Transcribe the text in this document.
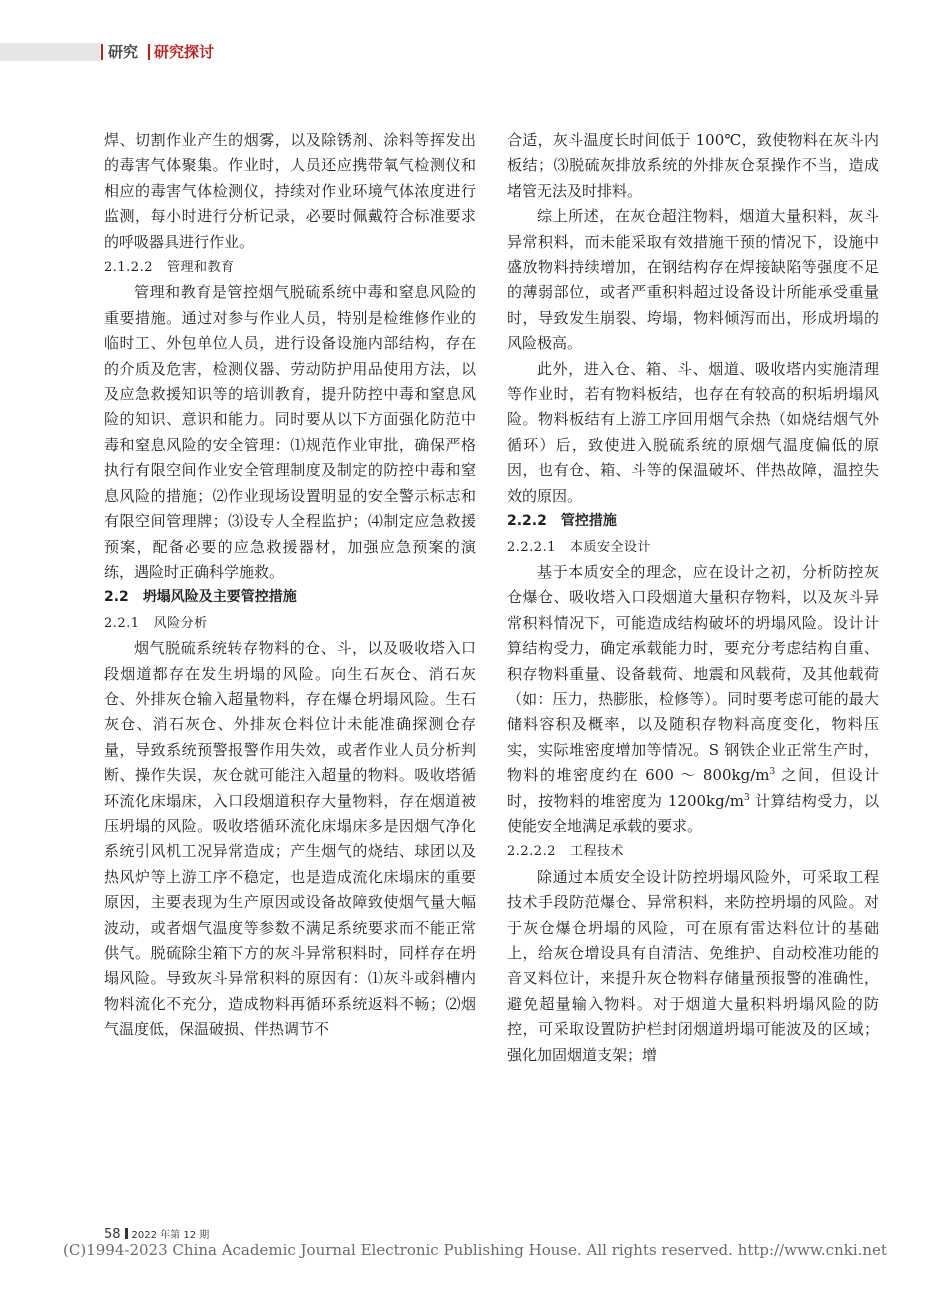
研究 研究探讨

焊、切割作业产生的烟雾，以及除锈剂、涂料等挥发出的毒害气体聚集。作业时，人员还应携带氧气检测仪和相应的毒害气体检测仪，持续对作业环境气体浓度进行监测，每小时进行分析记录，必要时佩戴符合标准要求的呼吸器具进行作业。

2.1.2.2 管理和教育

管理和教育是管控烟气脱硫系统中毒和窒息风险的重要措施。通过对参与作业人员，特别是检维修作业的临时工、外包单位人员，进行设备设施内部结构，存在的介质及危害，检测仪器、劳动防护用品使用方法，以及应急救援知识等的培训教育，提升防控中毒和窒息风险的知识、意识和能力。同时要从以下方面强化防范中毒和窒息风险的安全管理：⑴规范作业审批，确保严格执行有限空间作业安全管理制度及制定的防控中毒和窒息风险的措施；⑵作业现场设置明显的安全警示标志和有限空间管理牌；⑶设专人全程监护；⑷制定应急救援预案，配备必要的应急救援器材，加强应急预案的演练，遇险时正确科学施救。

2.2 坍塌风险及主要管控措施

2.2.1 风险分析

烟气脱硫系统转存物料的仓、斗，以及吸收塔入口段烟道都存在发生坍塌的风险。向生石灰仓、消石灰仓、外排灰仓输入超量物料，存在爆仓坍塌风险。生石灰仓、消石灰仓、外排灰仓料位计未能准确探测仓存量，导致系统预警报警作用失效，或者作业人员分析判断、操作失误，灰仓就可能注入超量的物料。吸收塔循环流化床塌床，入口段烟道积存大量物料，存在烟道被压坍塌的风险。吸收塔循环流化床塌床多是因烟气净化系统引风机工况异常造成；产生烟气的烧结、球团以及热风炉等上游工序不稳定，也是造成流化床塌床的重要原因，主要表现为生产原因或设备故障致使烟气量大幅波动，或者烟气温度等参数不满足系统要求而不能正常供气。脱硫除尘箱下方的灰斗异常积料时，同样存在坍塌风险。导致灰斗异常积料的原因有：⑴灰斗或斜槽内物料流化不充分，造成物料再循环系统返料不畅；⑵烟气温度低，保温破损、伴热调节不

合适，灰斗温度长时间低于 100℃，致使物料在灰斗内板结；⑶脱硫灰排放系统的外排灰仓泵操作不当，造成堵管无法及时排料。

综上所述，在灰仓超注物料，烟道大量积料，灰斗异常积料，而未能采取有效措施干预的情况下，设施中盛放物料持续增加，在钢结构存在焊接缺陷等强度不足的薄弱部位，或者严重积料超过设备设计所能承受重量时，导致发生崩裂、垮塌，物料倾泻而出，形成坍塌的风险极高。

此外，进入仓、箱、斗、烟道、吸收塔内实施清理等作业时，若有物料板结，也存在有较高的积垢坍塌风险。物料板结有上游工序回用烟气余热（如烧结烟气外循环）后，致使进入脱硫系统的原烟气温度偏低的原因，也有仓、箱、斗等的保温破坏、伴热故障，温控失效的原因。

2.2.2 管控措施

2.2.2.1 本质安全设计

基于本质安全的理念，应在设计之初，分析防控灰仓爆仓、吸收塔入口段烟道大量积存物料，以及灰斗异常积料情况下，可能造成结构破坏的坍塌风险。设计计算结构受力，确定承载能力时，要充分考虑结构自重、积存物料重量、设备载荷、地震和风载荷，及其他载荷（如：压力，热膨胀，检修等）。同时要考虑可能的最大储料容积及概率，以及随积存物料高度变化，物料压实，实际堆密度增加等情况。S 钢铁企业正常生产时，物料的堆密度约在 600 ～ $800kg/m^3$ 之间，但设计时，按物料的堆密度为 $1200kg/m^3$ 计算结构受力，以使能安全地满足承载的要求。

2.2.2.2 工程技术

除通过本质安全设计防控坍塌风险外，可采取工程技术手段防范爆仓、异常积料，来防控坍塌的风险。对于灰仓爆仓坍塌的风险，可在原有雷达料位计的基础上，给灰仓增设具有自清洁、免维护、自动校准功能的音叉料位计，来提升灰仓物料存储量预报警的准确性，避免超量输入物料。对于烟道大量积料坍塌风险的防控，可采取设置防护栏封闭烟道坍塌可能波及的区域；强化加固烟道支架；增

58 2022 年第 12 期
(C)1994-2023 China Academic Journal Electronic Publishing House. All rights reserved. http://www.cnki.net
